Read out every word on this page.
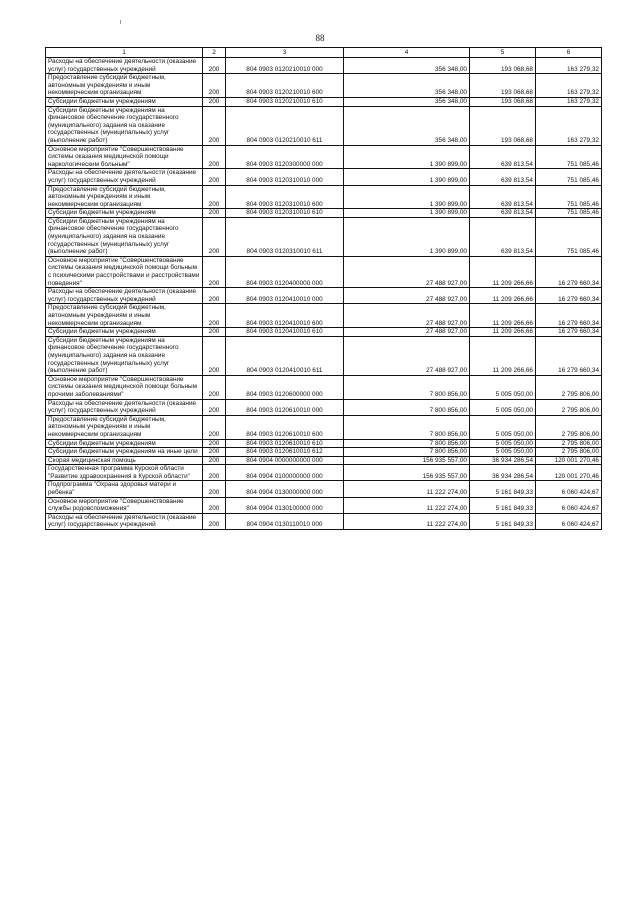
88
1	2	3	4	5	6
Расходы на обеспечение деятельности (оказание услуг) государственных учреждений	200	804 0903 0120210010 000	356 348,00	193 068,68	163 279,32
Предоставление субсидий бюджетным, автономным учреждениям и иным некоммерческим организациям	200	804 0903 0120210010 600	356 348,00	193 068,68	163 279,32
Субсидии бюджетным учреждениям	200	804 0903 0120210010 610	356 348,00	193 068,68	163 279,32
Субсидии бюджетным учреждениям на финансовое обеспечение государственного (муниципального) задания на оказание государственных (муниципальных) услуг (выполнение работ)	200	804 0903 0120210010 611	356 348,00	193 068,68	163 279,32
Основное мероприятие "Совершенствование системы оказания медицинской помощи наркологическим больным"	200	804 0903 0120300000 000	1 390 899,00	639 813,54	751 085,46
Расходы на обеспечение деятельности (оказание услуг) государственных учреждений	200	804 0903 0120310010 000	1 390 899,00	639 813,54	751 085,46
Предоставление субсидий бюджетным, автономным учреждениям и иным некоммерческим организациям	200	804 0903 0120310010 600	1 390 899,00	639 813,54	751 085,46
Субсидии бюджетным учреждениям	200	804 0903 0120310010 610	1 390 899,00	639 813,54	751 085,46
Субсидии бюджетным учреждениям на финансовое обеспечение государственного (муниципального) задания на оказание государственных (муниципальных) услуг (выполнение работ)	200	804 0903 0120310010 611	1 390 899,00	639 813,54	751 085,46
Основное мероприятие "Совершенствование системы оказания медицинской помощи больным с психическими расстройствами и расстройствами поведения"	200	804 0903 0120400000 000	27 488 927,00	11 209 266,66	16 279 660,34
Расходы на обеспечение деятельности (оказание услуг) государственных учреждений	200	804 0903 0120410010 000	27 488 927,00	11 209 266,66	16 279 660,34
Предоставление субсидий бюджетным, автономным учреждениям и иным некоммерческим организациям	200	804 0903 0120410010 600	27 488 927,00	11 209 266,66	16 279 660,34
Субсидии бюджетным учреждениям	200	804 0903 0120410010 610	27 488 927,00	11 209 266,66	16 279 660,34
Субсидии бюджетным учреждениям на финансовое обеспечение государственного (муниципального) задания на оказание государственных (муниципальных) услуг (выполнение работ)	200	804 0903 0120410010 611	27 488 927,00	11 209 266,66	16 279 660,34
Основное мероприятие "Совершенствование системы оказания медицинской помощи больным прочими заболеваниями"	200	804 0903 0120600000 000	7 800 856,00	5 005 050,00	2 795 806,00
Расходы на обеспечение деятельности (оказание услуг) государственных учреждений	200	804 0903 0120610010 000	7 800 856,00	5 005 050,00	2 795 806,00
Предоставление субсидий бюджетным, автономным учреждениям и иным некоммерческим организациям	200	804 0903 0120610010 600	7 800 856,00	5 005 050,00	2 795 806,00
Субсидии бюджетным учреждениям	200	804 0903 0120610010 610	7 800 856,00	5 005 050,00	2 795 806,00
Субсидии бюджетным учреждениям на иные цели	200	804 0903 0120610010 612	7 800 856,00	5 005 050,00	2 795 806,00
Скорая медицинская помощь	200	804 0904 0000000000 000	156 935 557,00	36 934 286,54	120 001 270,46
Государственная программа Курской области "Развитие здравоохранения в Курской области"	200	804 0904 0100000000 000	156 935 557,00	36 934 286,54	120 001 270,46
Подпрограмма "Охрана здоровья матери и ребенка"	200	804 0904 0130000000 000	11 222 274,00	5 161 849,33	6 060 424,67
Основное мероприятие "Совершенствование службы родовспоможения"	200	804 0904 0130100000 000	11 222 274,00	5 161 849,33	6 060 424,67
Расходы на обеспечение деятельности (оказание услуг) государственных учреждений	200	804 0904 0130110010 000	11 222 274,00	5 161 849,33	6 060 424,67
